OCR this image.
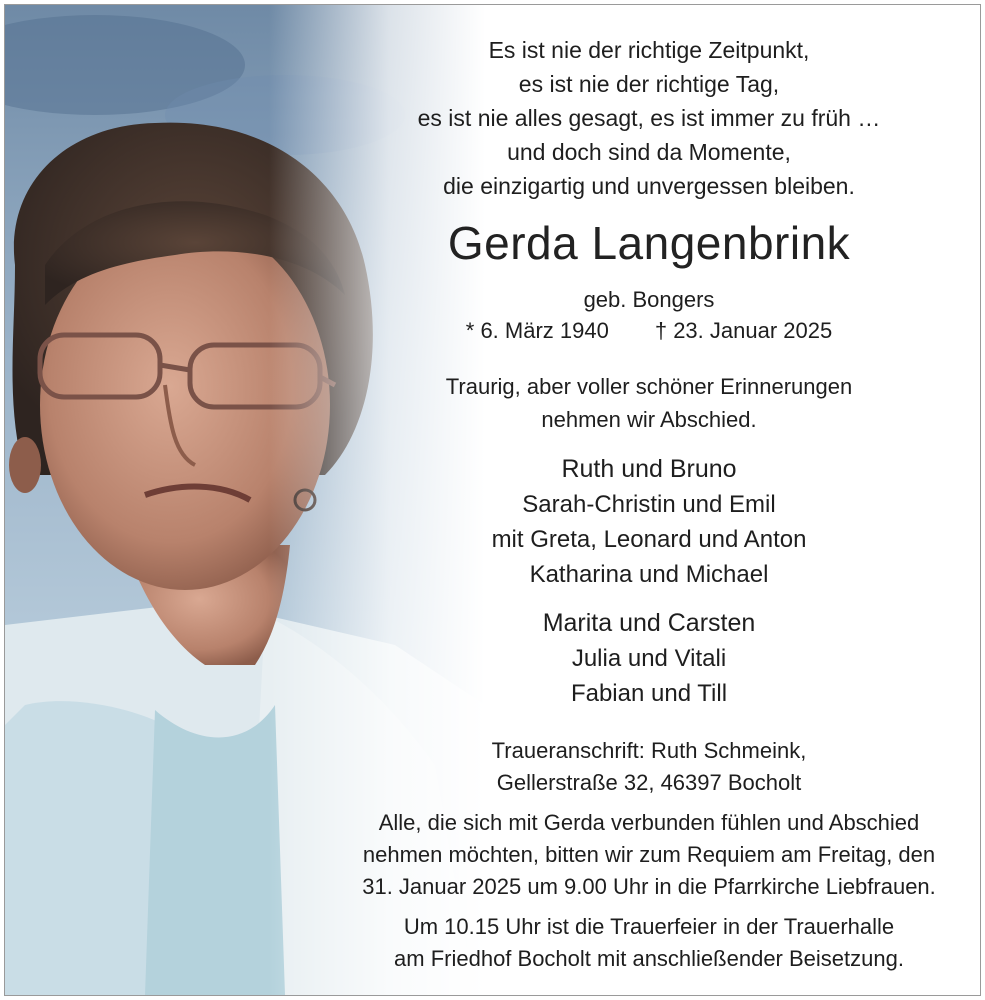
Es ist nie der richtige Zeitpunkt,
es ist nie der richtige Tag,
es ist nie alles gesagt, es ist immer zu früh …
und doch sind da Momente,
die einzigartig und unvergessen bleiben.
Gerda Langenbrink
geb. Bongers
* 6. März 1940 † 23. Januar 2025
Traurig, aber voller schöner Erinnerungen
nehmen wir Abschied.
Ruth und Bruno
Sarah-Christin und Emil
mit Greta, Leonard und Anton
Katharina und Michael
Marita und Carsten
Julia und Vitali
Fabian und Till
Traueranschrift: Ruth Schmeink,
Gellerstraße 32, 46397 Bocholt
Alle, die sich mit Gerda verbunden fühlen und Abschied
nehmen möchten, bitten wir zum Requiem am Freitag, den
31. Januar 2025 um 9.00 Uhr in die Pfarrkirche Liebfrauen.
Um 10.15 Uhr ist die Trauerfeier in der Trauerhalle
am Friedhof Bocholt mit anschließender Beisetzung.
